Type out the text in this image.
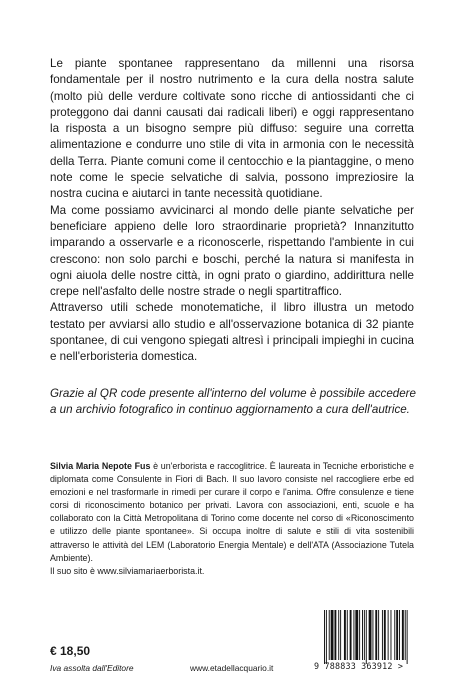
Le piante spontanee rappresentano da millenni una risorsa fondamentale per il nostro nutrimento e la cura della nostra salute (molto più delle verdure coltivate sono ricche di antiossidanti che ci proteggono dai danni causati dai radicali liberi) e oggi rappresentano la risposta a un bisogno sempre più diffuso: seguire una corretta alimentazione e condurre uno stile di vita in armonia con le necessità della Terra. Piante comuni come il centocchio e la piantaggine, o meno note come le specie selvatiche di salvia, possono impreziosire la nostra cucina e aiutarci in tante necessità quotidiane.

Ma come possiamo avvicinarci al mondo delle piante selvatiche per beneficiare appieno delle loro straordinarie proprietà? Innanzitutto imparando a osservarle e a riconoscerle, rispettando l'ambiente in cui crescono: non solo parchi e boschi, perché la natura si manifesta in ogni aiuola delle nostre città, in ogni prato o giardino, addirittura nelle crepe nell'asfalto delle nostre strade o negli spartitraffico.

Attraverso utili schede monotematiche, il libro illustra un metodo testato per avviarsi allo studio e all'osservazione botanica di 32 piante spontanee, di cui vengono spiegati altresì i principali impieghi in cucina e nell'erboristeria domestica.

Grazie al QR code presente all'interno del volume è possibile accedere a un archivio fotografico in continuo aggiornamento a cura dell'autrice.

Silvia Maria Nepote Fus è un'erborista e raccoglitrice. È laureata in Tecniche erboristiche e diplomata come Consulente in Fiori di Bach. Il suo lavoro consiste nel raccogliere erbe ed emozioni e nel trasformarle in rimedi per curare il corpo e l'anima. Offre consulenze e tiene corsi di riconoscimento botanico per privati. Lavora con associazioni, enti, scuole e ha collaborato con la Città Metropolitana di Torino come docente nel corso di «Riconoscimento e utilizzo delle piante spontanee». Si occupa inoltre di salute e stili di vita sostenibili attraverso le attività del LEM (Laboratorio Energia Mentale) e dell'ATA (Associazione Tutela Ambiente).

Il suo sito è www.silviamariaerborista.it.

€ 18,50
Iva assolta dall'Editore	www.etadellacquario.it	9 788833 363912 >
